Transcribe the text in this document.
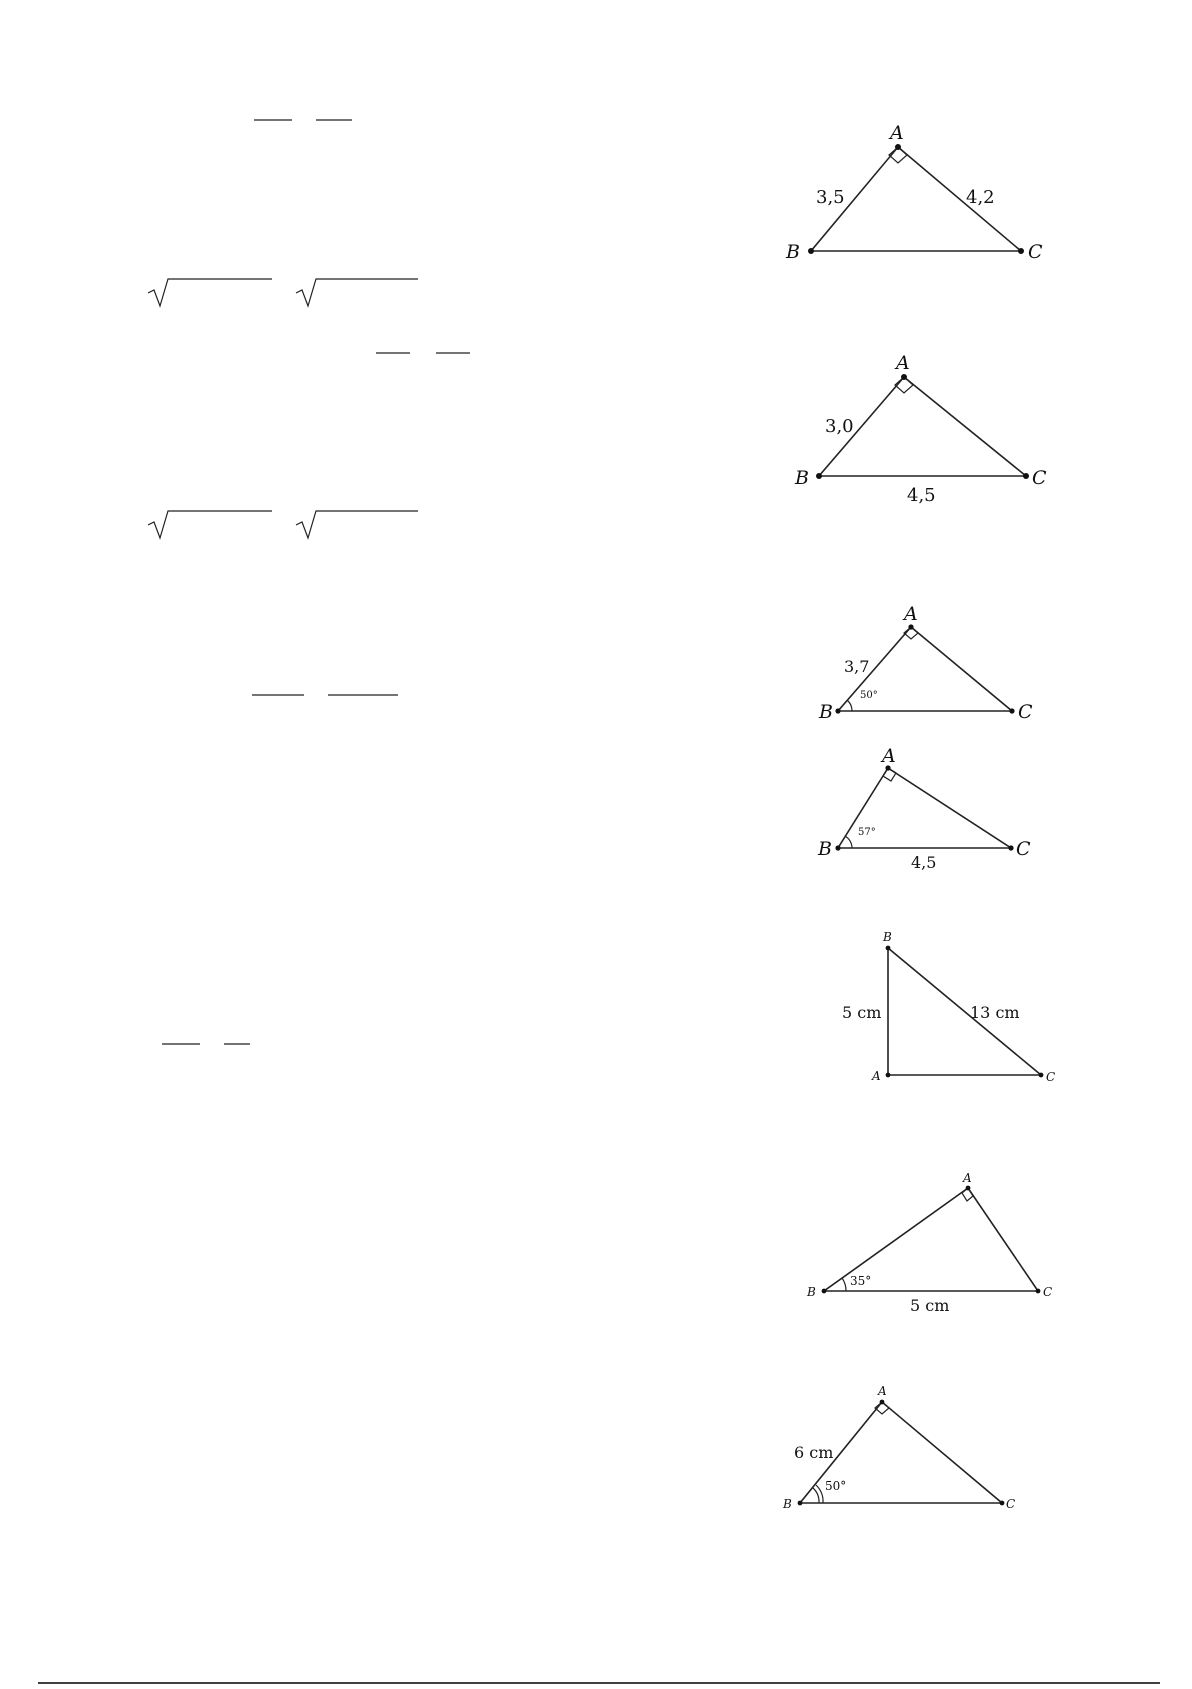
A
B	C
3,5	4,2
A
B	C
3,0
4,5
A
B	C
3,7
50°
A
B	C
4,5
57°
B
A	C
5 cm	13 cm
A
B	C
5 cm
35°
A
B	C
6 cm
50°
